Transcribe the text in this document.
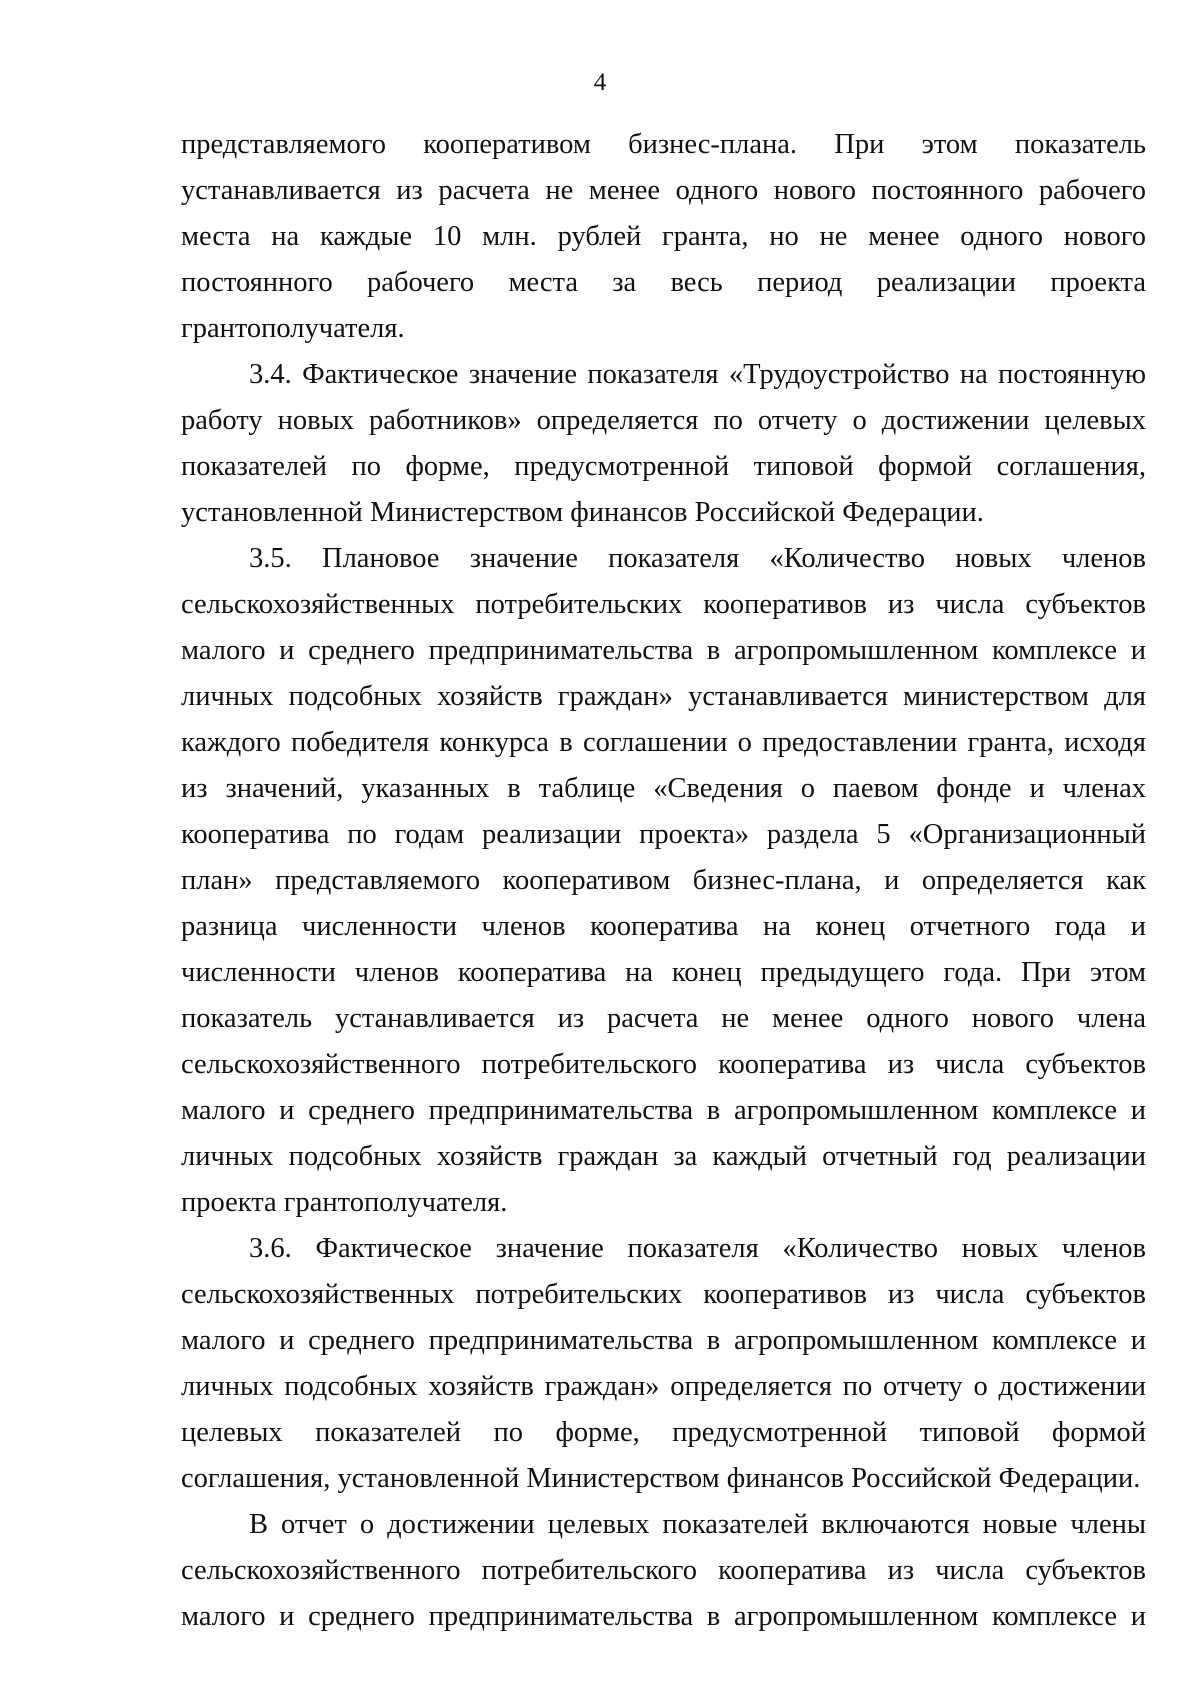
4

представляемого кооперативом бизнес-плана. При этом показатель устанавливается из расчета не менее одного нового постоянного рабочего места на каждые 10 млн. рублей гранта, но не менее одного нового постоянного рабочего места за весь период реализации проекта грантополучателя.

3.4. Фактическое значение показателя «Трудоустройство на постоянную работу новых работников» определяется по отчету о достижении целевых показателей по форме, предусмотренной типовой формой соглашения, установленной Министерством финансов Российской Федерации.

3.5. Плановое значение показателя «Количество новых членов сельскохозяйственных потребительских кооперативов из числа субъектов малого и среднего предпринимательства в агропромышленном комплексе и личных подсобных хозяйств граждан» устанавливается министерством для каждого победителя конкурса в соглашении о предоставлении гранта, исходя из значений, указанных в таблице «Сведения о паевом фонде и членах кооператива по годам реализации проекта» раздела 5 «Организационный план» представляемого кооперативом бизнес-плана, и определяется как разница численности членов кооператива на конец отчетного года и численности членов кооператива на конец предыдущего года. При этом показатель устанавливается из расчета не менее одного нового члена сельскохозяйственного потребительского кооператива из числа субъектов малого и среднего предпринимательства в агропромышленном комплексе и личных подсобных хозяйств граждан за каждый отчетный год реализации проекта грантополучателя.

3.6. Фактическое значение показателя «Количество новых членов сельскохозяйственных потребительских кооперативов из числа субъектов малого и среднего предпринимательства в агропромышленном комплексе и личных подсобных хозяйств граждан» определяется по отчету о достижении целевых показателей по форме, предусмотренной типовой формой соглашения, установленной Министерством финансов Российской Федерации.

В отчет о достижении целевых показателей включаются новые члены сельскохозяйственного потребительского кооператива из числа субъектов малого и среднего предпринимательства в агропромышленном комплексе и
